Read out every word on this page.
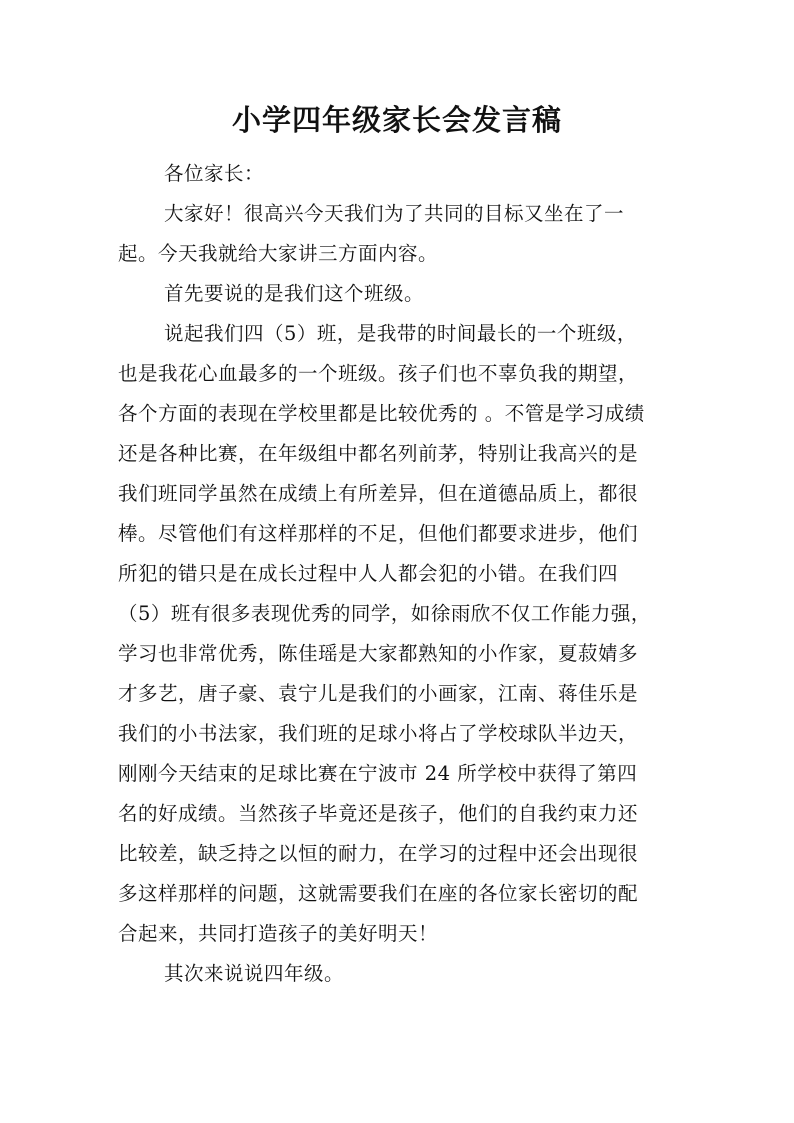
小学四年级家长会发言稿
各位家长：
大家好！很高兴今天我们为了共同的目标又坐在了一
起。今天我就给大家讲三方面内容。
首先要说的是我们这个班级。
说起我们四（5）班，是我带的时间最长的一个班级，
也是我花心血最多的一个班级。孩子们也不辜负我的期望，
各个方面的表现在学校里都是比较优秀的 。不管是学习成绩
还是各种比赛，在年级组中都名列前茅，特别让我高兴的是
我们班同学虽然在成绩上有所差异，但在道德品质上，都很
棒。尽管他们有这样那样的不足，但他们都要求进步，他们
所犯的错只是在成长过程中人人都会犯的小错。在我们四
（5）班有很多表现优秀的同学，如徐雨欣不仅工作能力强，
学习也非常优秀，陈佳瑶是大家都熟知的小作家，夏菽婧多
才多艺，唐子豪、袁宁儿是我们的小画家，江南、蒋佳乐是
我们的小书法家，我们班的足球小将占了学校球队半边天，
刚刚今天结束的足球比赛在宁波市 24 所学校中获得了第四
名的好成绩。当然孩子毕竟还是孩子，他们的自我约束力还
比较差，缺乏持之以恒的耐力，在学习的过程中还会出现很
多这样那样的问题，这就需要我们在座的各位家长密切的配
合起来，共同打造孩子的美好明天！
其次来说说四年级。
